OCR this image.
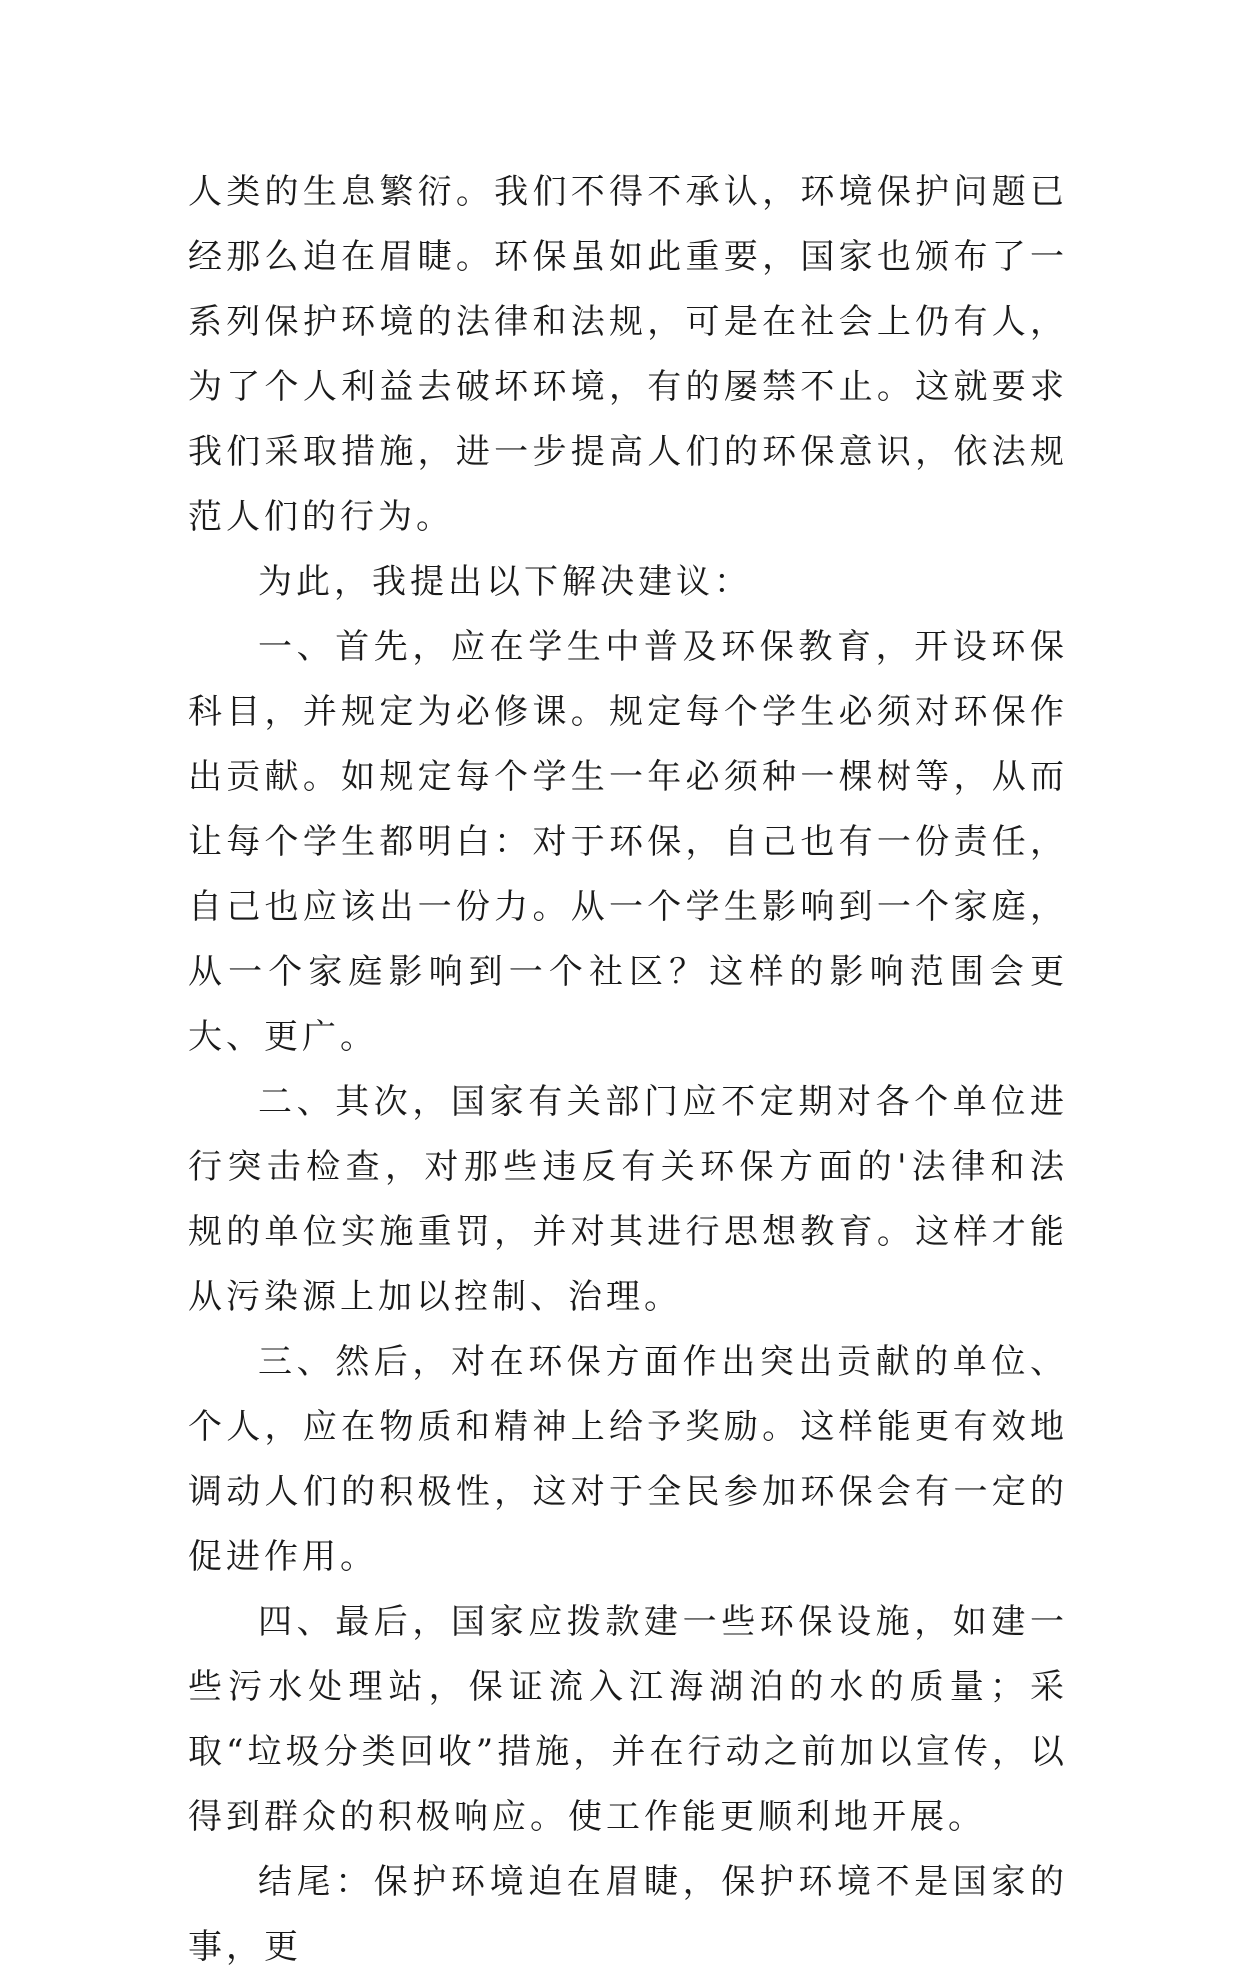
人类的生息繁衍。我们不得不承认，环境保护问题已经那么迫在眉睫。环保虽如此重要，国家也颁布了一系列保护环境的法律和法规，可是在社会上仍有人，为了个人利益去破坏环境，有的屡禁不止。这就要求我们采取措施，进一步提高人们的环保意识，依法规范人们的行为。

为此，我提出以下解决建议：

一、首先，应在学生中普及环保教育，开设环保科目，并规定为必修课。规定每个学生必须对环保作出贡献。如规定每个学生一年必须种一棵树等，从而让每个学生都明白：对于环保，自己也有一份责任，自己也应该出一份力。从一个学生影响到一个家庭，从一个家庭影响到一个社区？这样的影响范围会更大、更广。

二、其次，国家有关部门应不定期对各个单位进行突击检查，对那些违反有关环保方面的'法律和法规的单位实施重罚，并对其进行思想教育。这样才能从污染源上加以控制、治理。

三、然后，对在环保方面作出突出贡献的单位、个人，应在物质和精神上给予奖励。这样能更有效地调动人们的积极性，这对于全民参加环保会有一定的促进作用。

四、最后，国家应拨款建一些环保设施，如建一些污水处理站，保证流入江海湖泊的水的质量；采取“垃圾分类回收”措施，并在行动之前加以宣传，以得到群众的积极响应。使工作能更顺利地开展。

结尾：保护环境迫在眉睫，保护环境不是国家的事，更
